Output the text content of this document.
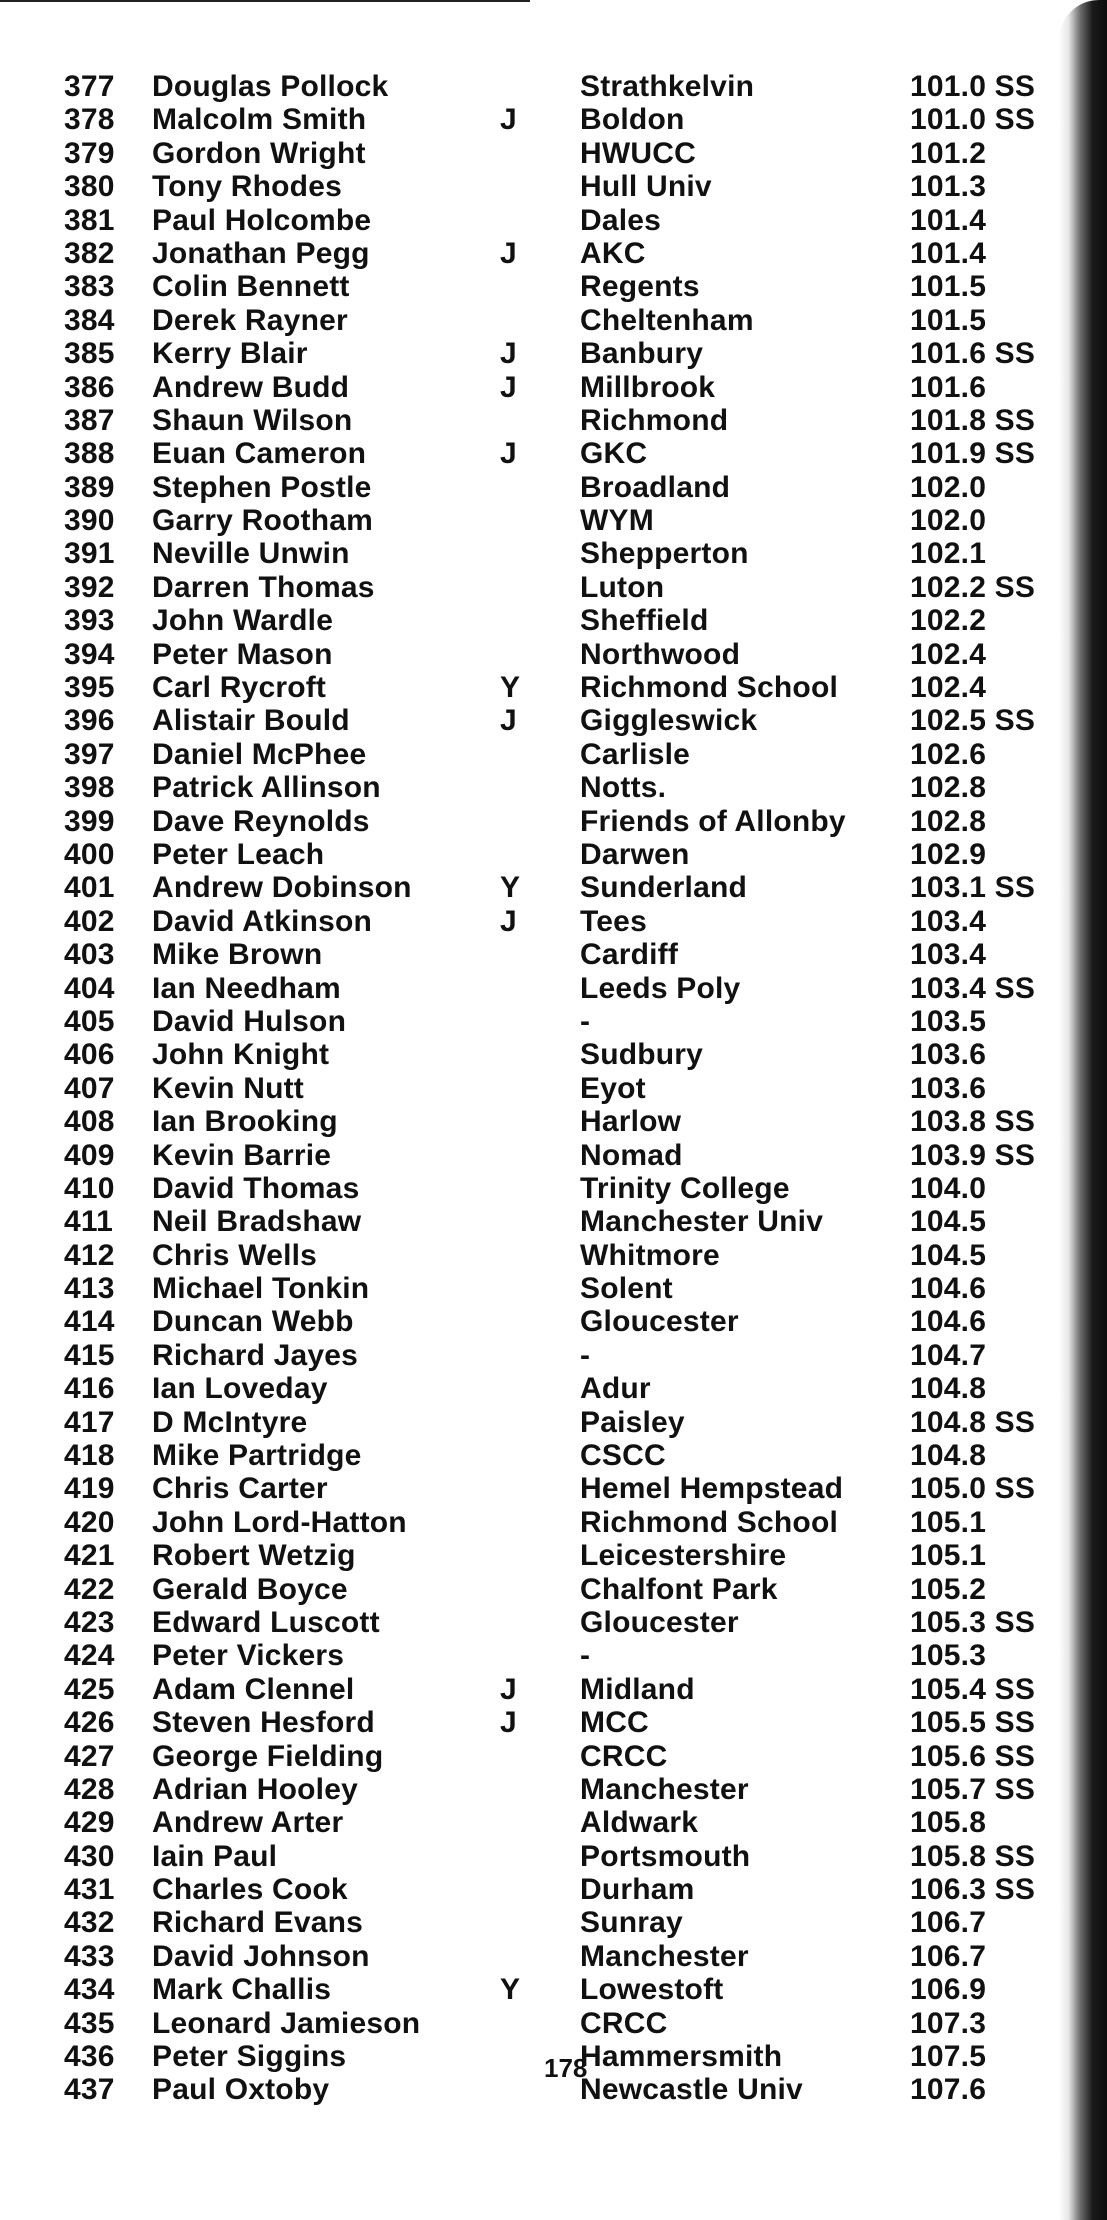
377 Douglas Pollock	Strathkelvin	101.0 SS
378 Malcolm Smith	J Boldon	101.0 SS
379 Gordon Wright	HWUCC	101.2
380 Tony Rhodes	Hull Univ	101.3
381 Paul Holcombe	Dales	101.4
382 Jonathan Pegg	J AKC	101.4
383 Colin Bennett	Regents	101.5
384 Derek Rayner	Cheltenham	101.5
385 Kerry Blair	J Banbury	101.6 SS
386 Andrew Budd	J Millbrook	101.6
387 Shaun Wilson	Richmond	101.8 SS
388 Euan Cameron	J GKC	101.9 SS
389 Stephen Postle	Broadland	102.0
390 Garry Rootham	WYM	102.0
391 Neville Unwin	Shepperton	102.1
392 Darren Thomas	Luton	102.2 SS
393 John Wardle	Sheffield	102.2
394 Peter Mason	Northwood	102.4
395 Carl Rycroft	Y Richmond School 102.4
396 Alistair Bould	J Giggleswick	102.5 SS
397 Daniel McPhee	Carlisle	102.6
398 Patrick Allinson	Notts.	102.8
399 Dave Reynolds	Friends of Allonby 102.8
400 Peter Leach	Darwen	102.9
401 Andrew Dobinson	Y Sunderland	103.1 SS
402 David Atkinson	J Tees	103.4
403 Mike Brown	Cardiff	103.4
404 Ian Needham	Leeds Poly	103.4 SS
405 David Hulson	-	103.5
406 John Knight	Sudbury	103.6
407 Kevin Nutt	Eyot	103.6
408 Ian Brooking	Harlow	103.8 SS
409 Kevin Barrie	Nomad	103.9 SS
410 David Thomas	Trinity College	104.0
411 Neil Bradshaw	Manchester Univ	104.5
412 Chris Wells	Whitmore	104.5
413 Michael Tonkin	Solent	104.6
414 Duncan Webb	Gloucester	104.6
415 Richard Jayes	-	104.7
416 Ian Loveday	Adur	104.8
417 D McIntyre	Paisley	104.8 SS
418 Mike Partridge	CSCC	104.8
419 Chris Carter	Hemel Hempstead 105.0 SS
420 John Lord-Hatton	Richmond School 105.1
421 Robert Wetzig	Leicestershire	105.1
422 Gerald Boyce	Chalfont Park	105.2
423 Edward Luscott	Gloucester	105.3 SS
424 Peter Vickers	-	105.3
425 Adam Clennel	J Midland	105.4 SS
426 Steven Hesford	J MCC	105.5 SS
427 George Fielding	CRCC	105.6 SS
428 Adrian Hooley	Manchester	105.7 SS
429 Andrew Arter	Aldwark	105.8
430 Iain Paul	Portsmouth	105.8 SS
431 Charles Cook	Durham	106.3 SS
432 Richard Evans	Sunray	106.7
433 David Johnson	Manchester	106.7
434 Mark Challis	Y Lowestoft	106.9
435 Leonard Jamieson	CRCC	107.3
436 Peter Siggins	Hammersmith	107.5
437 Paul Oxtoby	Newcastle Univ	107.6
178
